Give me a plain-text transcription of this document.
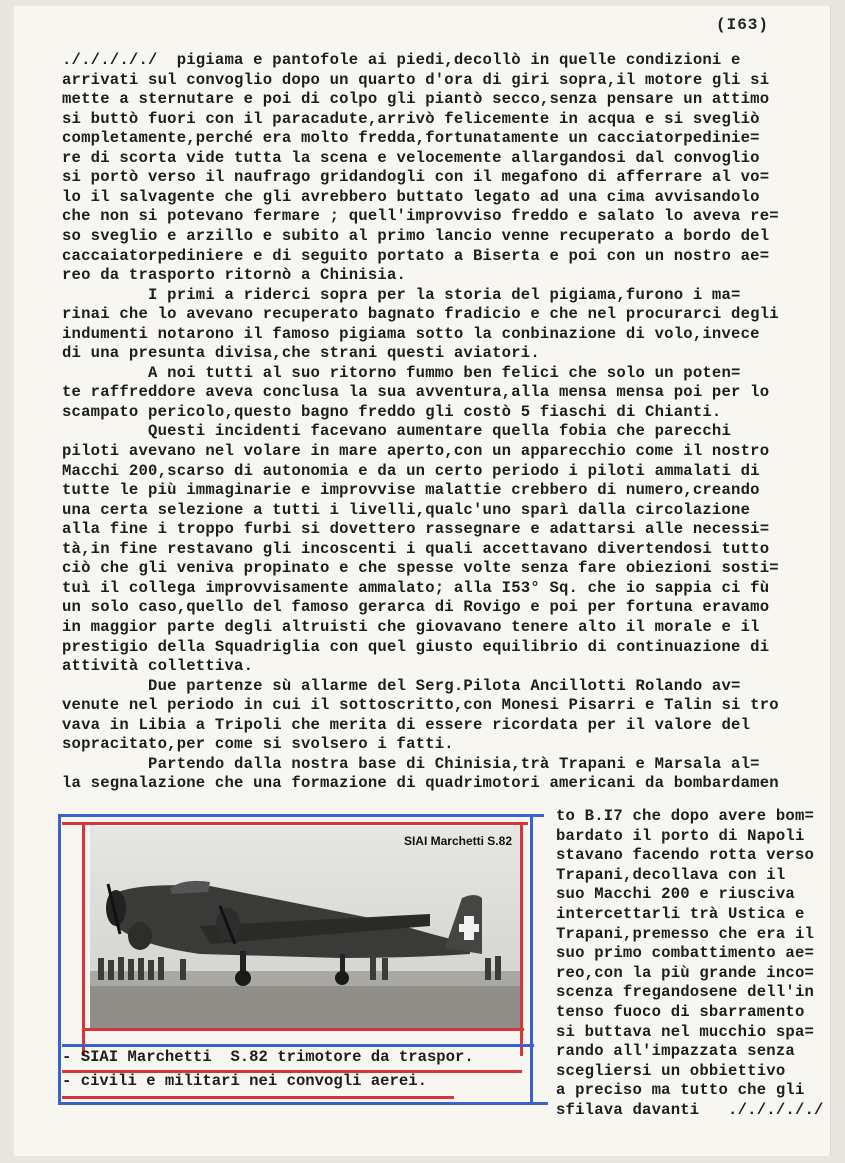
(I63)
./././././  pigiama e pantofole ai piedi,decollò in quelle condizioni e
arrivati sul convoglio dopo un quarto d'ora di giri sopra,il motore gli si
mette a sternutare e poi di colpo gli piantò secco,senza pensare un attimo
si buttò fuori con il paracadute,arrivò felicemente in acqua e si svegliò
completamente,perché era molto fredda,fortunatamente un cacciatorpedinie=
re di scorta vide tutta la scena e velocemente allargandosi dal convoglio
si portò verso il naufrago gridandogli con il megafono di afferrare al vo=
lo il salvagente che gli avrebbero buttato legato ad una cima avvisandolo
che non si potevano fermare ; quell'improvviso freddo e salato lo aveva re=
so sveglio e arzillo e subito al primo lancio venne recuperato a bordo del
caccaiatorpediniere e di seguito portato a Biserta e poi con un nostro ae=
reo da trasporto ritornò a Chinisia.
I primi a riderci sopra per la storia del pigiama,furono i ma=
rinai che lo avevano recuperato bagnato fradicio e che nel procurarci degli
indumenti notarono il famoso pigiama sotto la conbinazione di volo,invece
di una presunta divisa,che strani questi aviatori.
A noi tutti al suo ritorno fummo ben felici che solo un poten=
te raffreddore aveva conclusa la sua avventura,alla mensa mensa poi per lo
scampato pericolo,questo bagno freddo gli costò 5 fiaschi di Chianti.
Questi incidenti facevano aumentare quella fobia che parecchi
piloti avevano nel volare in mare aperto,con un apparecchio come il nostro
Macchi 200,scarso di autonomia e da un certo periodo i piloti ammalati di
tutte le più immaginarie e improvvise malattie crebbero di numero,creando
una certa selezione a tutti i livelli,qualc'uno sparì dalla circolazione
alla fine i troppo furbi si dovettero rassegnare e adattarsi alle necessi=
tà,in fine restavano gli incoscenti i quali accettavano divertendosi tutto
ciò che gli veniva propinato e che spesse volte senza fare obiezioni sosti=
tuì il collega improvvisamente ammalato; alla I53° Sq. che io sappia ci fù
un solo caso,quello del famoso gerarca di Rovigo e poi per fortuna eravamo
in maggior parte degli altruisti che giovavano tenere alto il morale e il
prestigio della Squadriglia con quel giusto equilibrio di continuazione di
attività collettiva.
Due partenze sù allarme del Serg.Pilota Ancillotti Rolando av=
venute nel periodo in cui il sottoscritto,con Monesi Pisarri e Talin si tro
vava in Libia a Tripoli che merita di essere ricordata per il valore del
sopracitato,per come si svolsero i fatti.
Partendo dalla nostra base di Chinisia,trà Trapani e Marsala al=
la segnalazione che una formazione di quadrimotori americani da bombardamen
to B.I7 che dopo avere bom=
bardato il porto di Napoli
stavano facendo rotta verso
Trapani,decollava con il
suo Macchi 200 e riusciva
intercettarli trà Ustica e
Trapani,premesso che era il
suo primo combattimento ae=
reo,con la più grande inco=
scenza fregandosene dell'in
tenso fuoco di sbarramento
si buttava nel mucchio spa=
rando all'impazzata senza
scegliersi un obbiettivo
a preciso ma tutto che gli
sfilava davanti   ./././././
SIAI Marchetti S.82
- SIAI Marchetti  S.82 trimotore da traspor.
- civili e militari nei convogli aerei.
